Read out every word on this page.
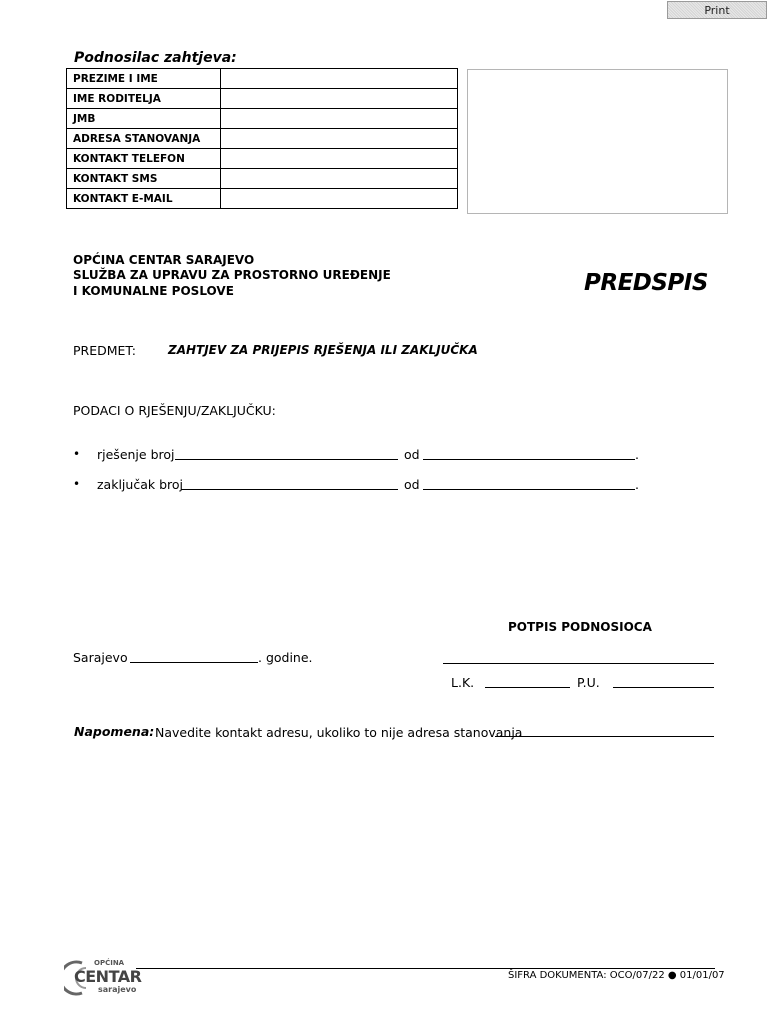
Print
Podnosilac zahtjeva:
PREZIME I IME	
IME RODITELJA	
JMB	
ADRESA STANOVANJA	
KONTAKT TELEFON	
KONTAKT SMS	
KONTAKT E-MAIL	
OPĆINA CENTAR SARAJEVO
SLUŽBA ZA UPRAVU ZA PROSTORNO UREĐENJE
I KOMUNALNE POSLOVE	PREDSPIS
PREDMET:	ZAHTJEV ZA PRIJEPIS RJEŠENJA ILI ZAKLJUČKA
PODACI O RJEŠENJU/ZAKLJUČKU:
• rješenje broj	od	.
• zaključak broj	od	.
POTPIS PODNOSIOCA
Sarajevo	. godine.
L.K.	P.U.
Napomena: Navedite kontakt adresu, ukoliko to nije adresa stanovanja
OPĆINA
CENTAR
sarajevo
ŠIFRA DOKUMENTA: OCO/07/22 ● 01/01/07
